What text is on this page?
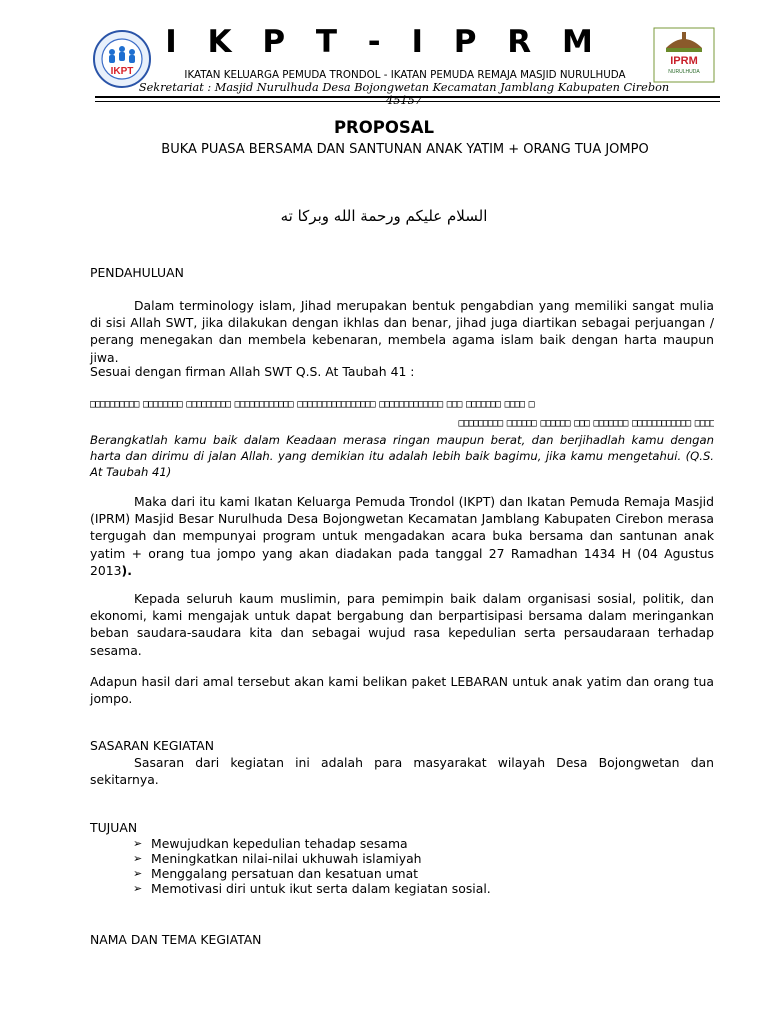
IKPT
IPRM
NURULHUDA
I K P T - I P R M
IKATAN KELUARGA PEMUDA TRONDOL - IKATAN PEMUDA REMAJA MASJID NURULHUDA
Sekretariat : Masjid Nurulhuda Desa Bojongwetan Kecamatan Jamblang Kabupaten Cirebon 45157
PROPOSAL
BUKA PUASA BERSAMA DAN SANTUNAN ANAK YATIM + ORANG TUA JOMPO
السلام عليكم ورحمة الله وبركا ته
PENDAHULUAN
Dalam terminology islam, Jihad merupakan bentuk pengabdian yang memiliki sangat mulia di sisi Allah SWT, jika dilakukan dengan ikhlas dan benar, jihad juga diartikan sebagai perjuangan / perang menegakan dan membela kebenaran, membela agama islam baik dengan harta maupun jiwa.
Sesuai dengan firman Allah SWT Q.S. At Taubah 41 :
□□□□□□□□□□ □□□□□□□□ □□□□□□□□□ □□□□□□□□□□□□ □□□□□□□□□□□□□□□□ □□□□□□□□□□□□□ □□□ □□□□□□□ □□□□ □
□□□□□□□□□ □□□□□□ □□□□□□ □□□ □□□□□□□ □□□□□□□□□□□□ □□□□
Berangkatlah kamu baik dalam Keadaan merasa ringan maupun berat, dan berjihadlah kamu dengan harta dan dirimu di jalan Allah. yang demikian itu adalah lebih baik bagimu, jika kamu mengetahui. (Q.S. At Taubah 41)
Maka dari itu kami Ikatan Keluarga Pemuda Trondol (IKPT) dan Ikatan Pemuda Remaja Masjid (IPRM) Masjid Besar Nurulhuda Desa Bojongwetan Kecamatan Jamblang Kabupaten Cirebon merasa tergugah dan mempunyai program untuk mengadakan acara buka bersama dan santunan anak yatim + orang tua jompo yang akan diadakan pada tanggal 27 Ramadhan 1434 H (04 Agustus 2013).
Kepada seluruh kaum muslimin, para pemimpin baik dalam organisasi sosial, politik, dan ekonomi, kami mengajak untuk dapat bergabung dan berpartisipasi bersama dalam meringankan beban saudara-saudara kita dan sebagai wujud rasa kepedulian serta persaudaraan terhadap sesama.
Adapun hasil dari amal tersebut akan kami belikan paket LEBARAN untuk anak yatim dan orang tua jompo.
SASARAN KEGIATAN
Sasaran dari kegiatan ini adalah para masyarakat wilayah Desa Bojongwetan dan sekitarnya.
TUJUAN
➢ Mewujudkan kepedulian tehadap sesama
➢ Meningkatkan nilai-nilai ukhuwah islamiyah
➢ Menggalang persatuan dan kesatuan umat
➢ Memotivasi diri untuk ikut serta dalam kegiatan sosial.
NAMA DAN TEMA KEGIATAN
